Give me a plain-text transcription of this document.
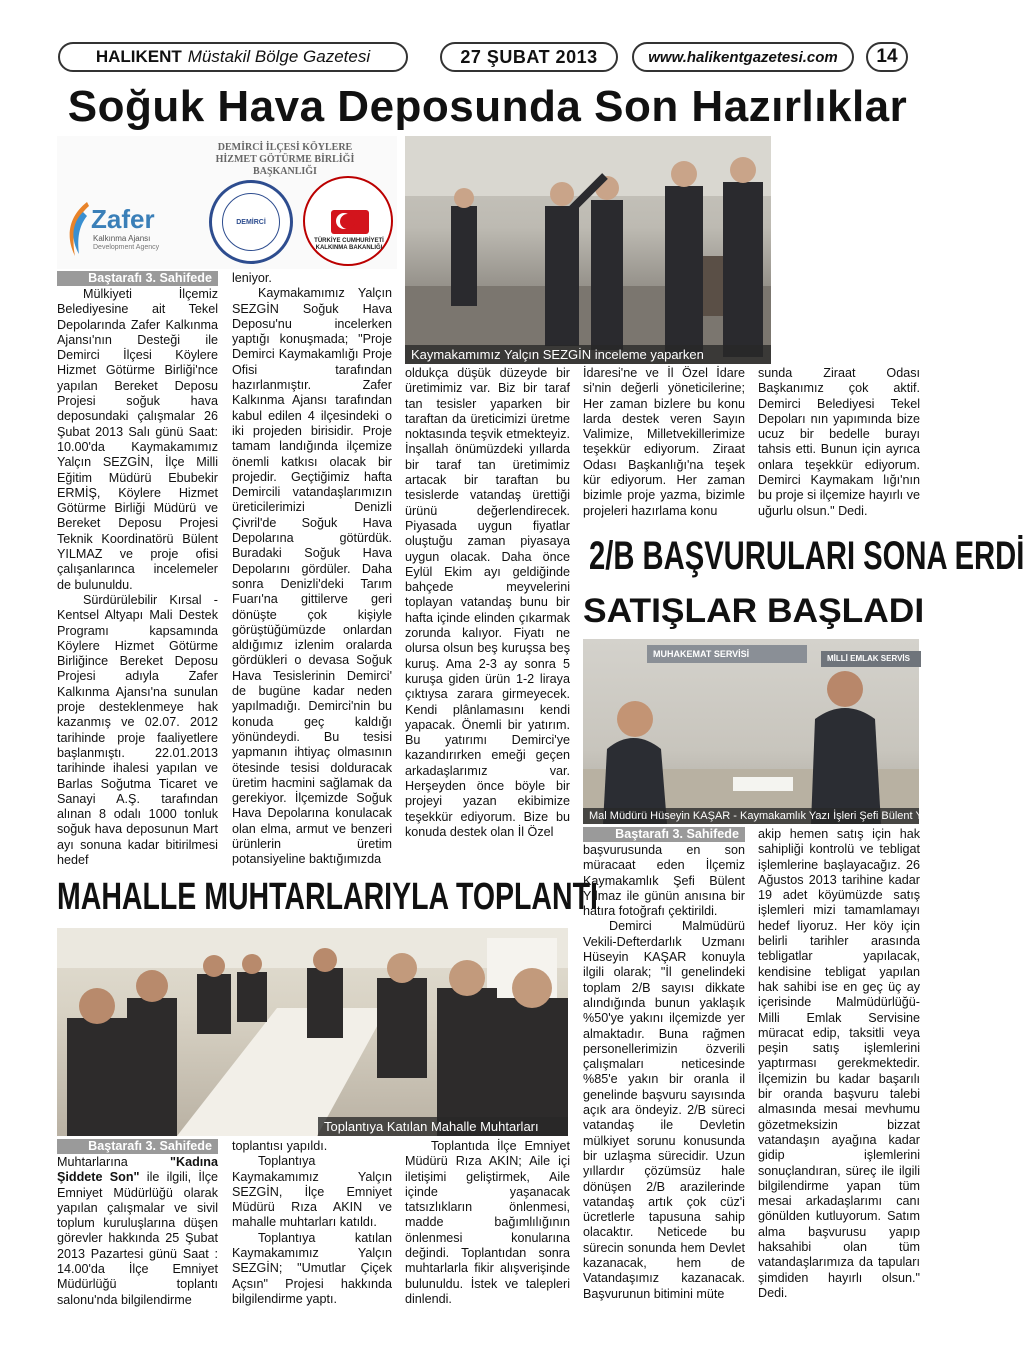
HALIKENT Müstakil Bölge Gazetesi	27 ŞUBAT 2013	www.halikentgazetesi.com	14
Soğuk Hava Deposunda Son Hazırlıklar
DEMİRCİ İLÇESİ KÖYLERE
HİZMET GÖTÜRME BİRLİĞİ
BAŞKANLIĞI
Zafer
Kalkınma Ajansı
Development Agency
DEMİRCİ
TÜRKİYE CUMHURİYETİ KALKINMA BAKANLIĞI
Kaymakamımız Yalçın SEZGİN inceleme yaparken
Baştarafı 3. Sahifede

Mülkiyeti İlçemiz Belediyesine ait Tekel Depolarında Zafer Kalkınma Ajansı'nın Desteği ile Demirci İlçesi Köylere Hizmet Götürme Birliği'nce yapılan Bereket Deposu Projesi soğuk hava deposundaki çalışmalar 26 Şubat 2013 Salı günü Saat: 10.00'da Kaymakamımız Yalçın SEZGİN, İlçe Milli Eğitim Müdürü Ebubekir ERMİŞ, Köylere Hizmet Götürme Birliği Müdürü ve Bereket Deposu Projesi Teknik Koordinatörü Bülent YILMAZ ve proje ofisi çalışanlarınca incelemeler de bulunuldu.

Sürdürülebilir Kırsal - Kentsel Altyapı Mali Destek Programı kapsamında Köylere Hizmet Götürme Birliğince Bereket Deposu Projesi adıyla Zafer Kalkınma Ajansı'na sunulan proje desteklenmeye hak kazanmış ve 02.07. 2012 tarihinde proje faaliyetlere başlanmıştı. 22.01.2013 tarihinde ihalesi yapılan ve Barlas Soğutma Ticaret ve Sanayi A.Ş. tarafından alınan 8 odalı 1000 tonluk soğuk hava deposunun Mart ayı sonuna kadar bitirilmesi hedef

leniyor.

Kaymakamımız Yalçın SEZGİN Soğuk Hava Deposu'nu incelerken yaptığı konuşmada; "Proje Demirci Kaymakamlığı Proje Ofisi tarafından hazırlanmıştır. Zafer Kalkınma Ajansı tarafından kabul edilen 4 ilçesindeki o iki projeden birisidir. Proje tamam landığında ilçemize önemli katkısı olacak bir projedir. Geçtiğimiz hafta Demircili vatandaşlarımızın üreticilerimizi Denizli Çivril'de Soğuk Hava Depolarına götürdük. Buradaki Soğuk Hava Depolarını gördüler. Daha sonra Denizli'deki Tarım Fuarı'na gittilerve geri dönüşte çok kişiyle görüştüğümüzde onlardan aldığımız izlenim oralarda gördükleri o devasa Soğuk Hava Tesislerinin Demirci' de bugüne kadar neden yapılmadığı. Demirci'nin bu konuda geç kaldığı yönündeydi. Bu tesisi yapmanın ihtiyaç olmasının ötesinde tesisi dolduracak üretim hacmini sağlamak da gerekiyor. İlçemizde Soğuk Hava Depolarına konulacak olan elma, armut ve benzeri ürünlerin üretim potansiyeline baktığımızda

oldukça düşük düzeyde bir üretimimiz var. Biz bir taraf tan tesisler yaparken bir taraftan da üreticimizi üretme noktasında teşvik etmekteyiz. İnşallah önümüzdeki yıllarda bir taraf tan üretimimiz artacak bir taraftan bu tesislerde vatandaş ürettiği ürünü değerlendirecek. Piyasada uygun fiyatlar oluştuğu zaman piyasaya uygun olacak. Daha önce Eylül Ekim ayı geldiğinde bahçede meyvelerini toplayan vatandaş bunu bir hafta içinde elinden çıkarmak zorunda kalıyor. Fiyatı ne olursa olsun beş kuruşsa beş kuruş. Ama 2-3 ay sonra 5 kuruşa giden ürün 1-2 liraya çıktıysa zarara girmeyecek. Kendi plânlamasını kendi yapacak. Önemli bir yatırım. Bu yatırımı Demirci'ye kazandırırken emeği geçen arkadaşlarımız var. Herşeyden önce böyle bir projeyi yazan ekibimize teşekkür ediyorum. Bize bu konuda destek olan İl Özel

İdaresi'ne ve İl Özel İdare si'nin değerli yöneticilerine; Her zaman bizlere bu konu larda destek veren Sayın Valimize, Milletvekillerimize teşekkür ediyorum. Ziraat Odası Başkanlığı'na teşek kür ediyorum. Her zaman bizimle proje yazma, bizimle projeleri hazırlama konu

sunda Ziraat Odası Başkanımız çok aktif. Demirci Belediyesi Tekel Depoları nın yapımında bize ucuz bir bedelle burayı tahsis etti. Bunun için ayrıca onlara teşekkür ediyorum. Demirci Kaymakam lığı'nın bu proje si ilçemize hayırlı ve uğurlu olsun." Dedi.

2/B BAŞVURULARI SONA ERDİ
SATIŞLAR BAŞLADI
MUHAKEMAT SERVİSİ	MİLLİ EMLAK SERVİS
Mal Müdürü Hüseyin KAŞAR - Kaymakamlık Yazı İşleri Şefi Bülent YILMAZ
Baştarafı 3. Sahifede

başvurusunda en son müracaat eden İlçemiz Kaymakamlık Şefi Bülent Yılmaz ile günün anısına bir hatıra fotoğrafı çektirildi.

Demirci Malmüdürü Vekili-Defterdarlık Uzmanı Hüseyin KAŞAR konuyla ilgili olarak; "İl genelindeki toplam 2/B sayısı dikkate alındığında bunun yaklaşık %50'ye yakını ilçemizde yer almaktadır. Buna rağmen personellerimizin özverili çalışmaları neticesinde %85'e yakın bir oranla il genelinde başvuru sayısında açık ara öndeyiz. 2/B süreci vatandaş ile Devletin mülkiyet sorunu konusunda bir uzlaşma sürecidir. Uzun yıllardır çözümsüz hale dönüşen 2/B arazilerinde vatandaş artık çok cüz'i ücretlerle tapusuna sahip olacaktır. Neticede bu sürecin sonunda hem Devlet kazanacak, hem de Vatandaşımız kazanacak. Başvurunun bitimini müte

akip hemen satış için hak sahipliği kontrolü ve tebligat işlemlerine başlayacağız. 26 Ağustos 2013 tarihine kadar 19 adet köyümüzde satış işlemleri mizi tamamlamayı hedef liyoruz. Her köy için belirli tarihler arasında tebligatlar yapılacak, kendisine tebligat yapılan hak sahibi ise en geç üç ay içerisinde Malmüdürlüğü-Milli Emlak Servisine müracat edip, taksitli veya peşin satış işlemlerini yaptırması gerekmektedir. İlçemizin bu kadar başarılı bir oranda başvuru talebi almasında mesai mevhumu gözetmeksizin bizzat vatandaşın ayağına kadar gidip işlemlerini sonuçlandıran, süreç ile ilgili bilgilendirme yapan tüm mesai arkadaşlarımı canı gönülden kutluyorum. Satım alma başvurusu yapıp haksahibi olan tüm vatandaşlarımıza da tapuları şimdiden hayırlı olsun." Dedi.

MAHALLE MUHTARLARIYLA TOPLANTI
Toplantıya Katılan Mahalle Muhtarları
Baştarafı 3. Sahifede

Muhtarlarına "Kadına Şiddete Son" ile ilgili, İlçe Emniyet Müdürlüğü olarak yapılan çalışmalar ve sivil toplum kuruluşlarına düşen görevler hakkında 25 Şubat 2013 Pazartesi günü Saat : 14.00'da İlçe Emniyet Müdürlüğü toplantı salonu'nda bilgilendirme

toplantısı yapıldı.

Toplantıya Kaymakamımız Yalçın SEZGİN, İlçe Emniyet Müdürü Rıza AKIN ve mahalle muhtarları katıldı.

Toplantıya katılan Kaymakamımız Yalçın SEZGİN; "Umutlar Çiçek Açsın" Projesi hakkında bilgilendirme yaptı.

Toplantıda İlçe Emniyet Müdürü Rıza AKIN; Aile içi iletişimi geliştirmek, Aile içinde yaşanacak tatsızlıkların önlenmesi, madde bağımlılığının önlenmesi konularına değindi. Toplantıdan sonra muhtarlarla fikir alışverişinde bulunuldu. İstek ve talepleri dinlendi.
